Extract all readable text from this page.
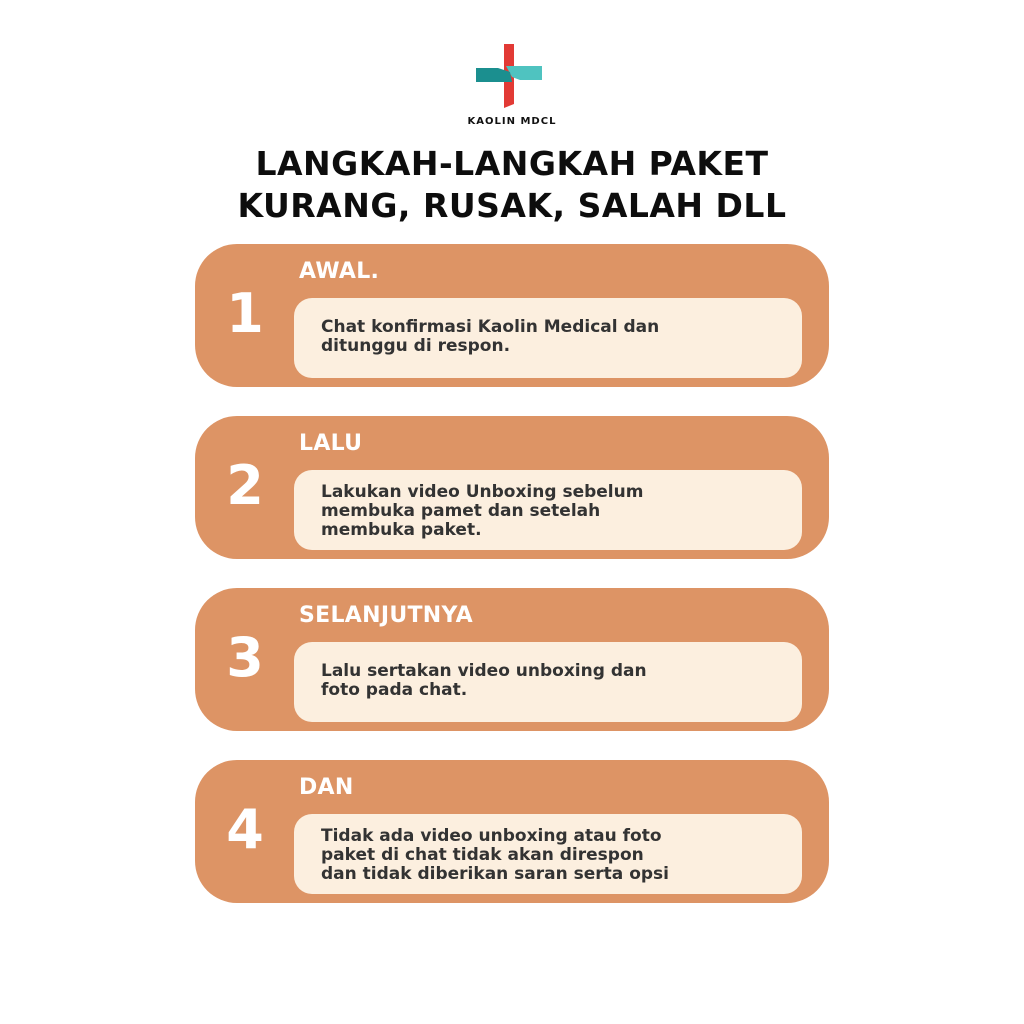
KAOLIN MDCL
LANGKAH-LANGKAH PAKET
KURANG, RUSAK, SALAH DLL
1
AWAL.

Chat konfirmasi Kaolin Medical dan
ditunggu di respon.

2
LALU

Lakukan video Unboxing sebelum
membuka pamet dan setelah
membuka paket.

3
SELANJUTNYA

Lalu sertakan video unboxing dan
foto pada chat.

4
DAN

Tidak ada video unboxing atau foto
paket di chat tidak akan direspon
dan tidak diberikan saran serta opsi
